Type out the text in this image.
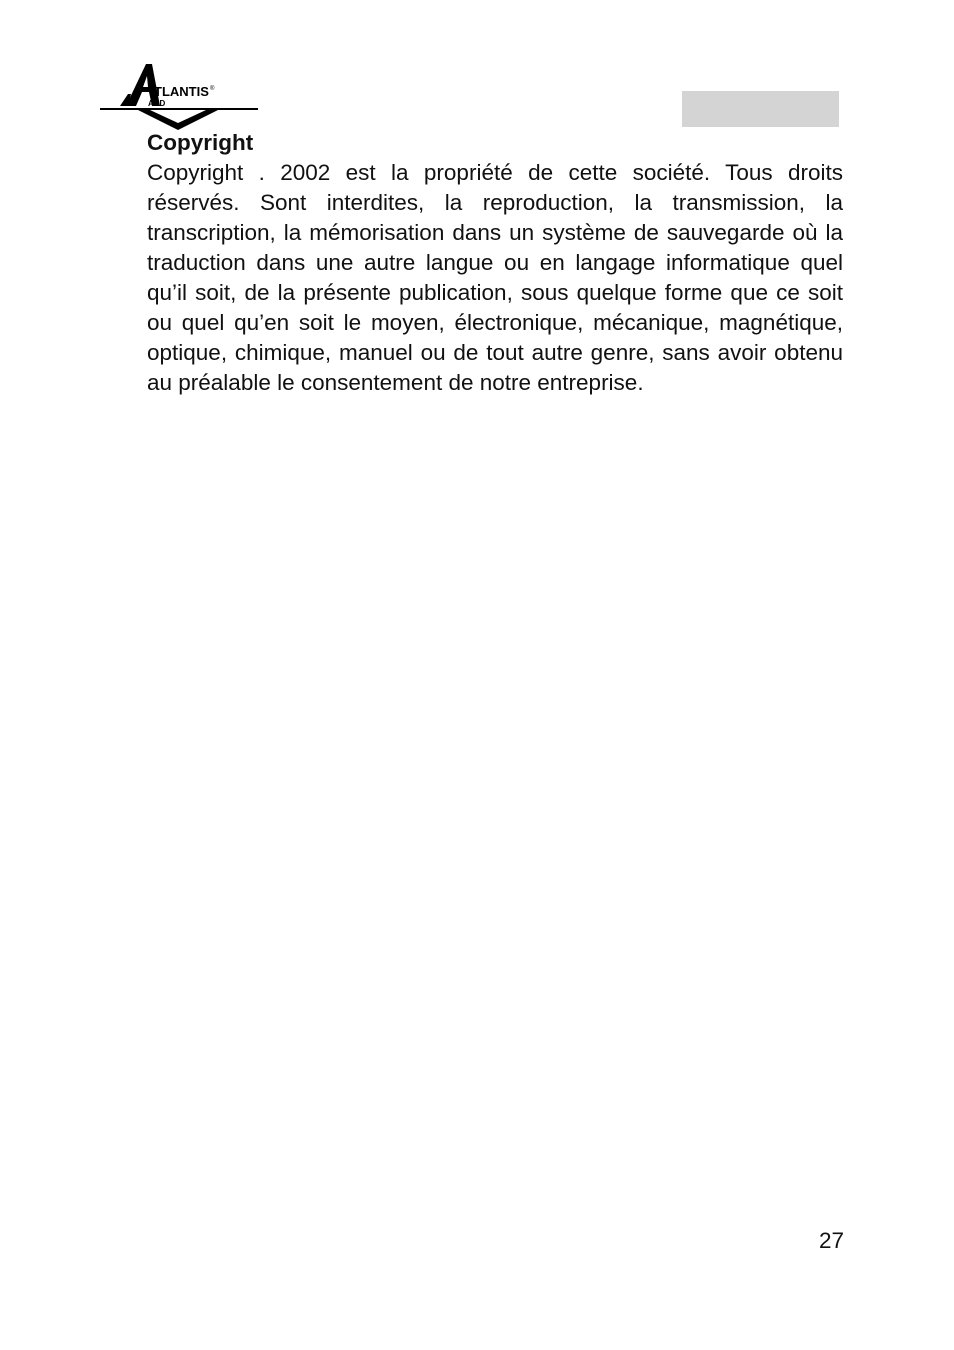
TLANTIS ®
AND
Copyright

Copyright . 2002 est la propriété de cette société. Tous droits réservés. Sont interdites, la reproduction, la transmission, la transcription, la mémorisation dans un système de sauvegarde où la traduction dans une autre langue ou en langage informatique quel qu’il soit, de la présente publication, sous quelque forme que ce soit ou quel qu’en soit le moyen, électronique, mécanique, magnétique, optique, chimique, manuel ou de tout autre genre, sans avoir obtenu au préalable le consentement de notre entreprise.

27
